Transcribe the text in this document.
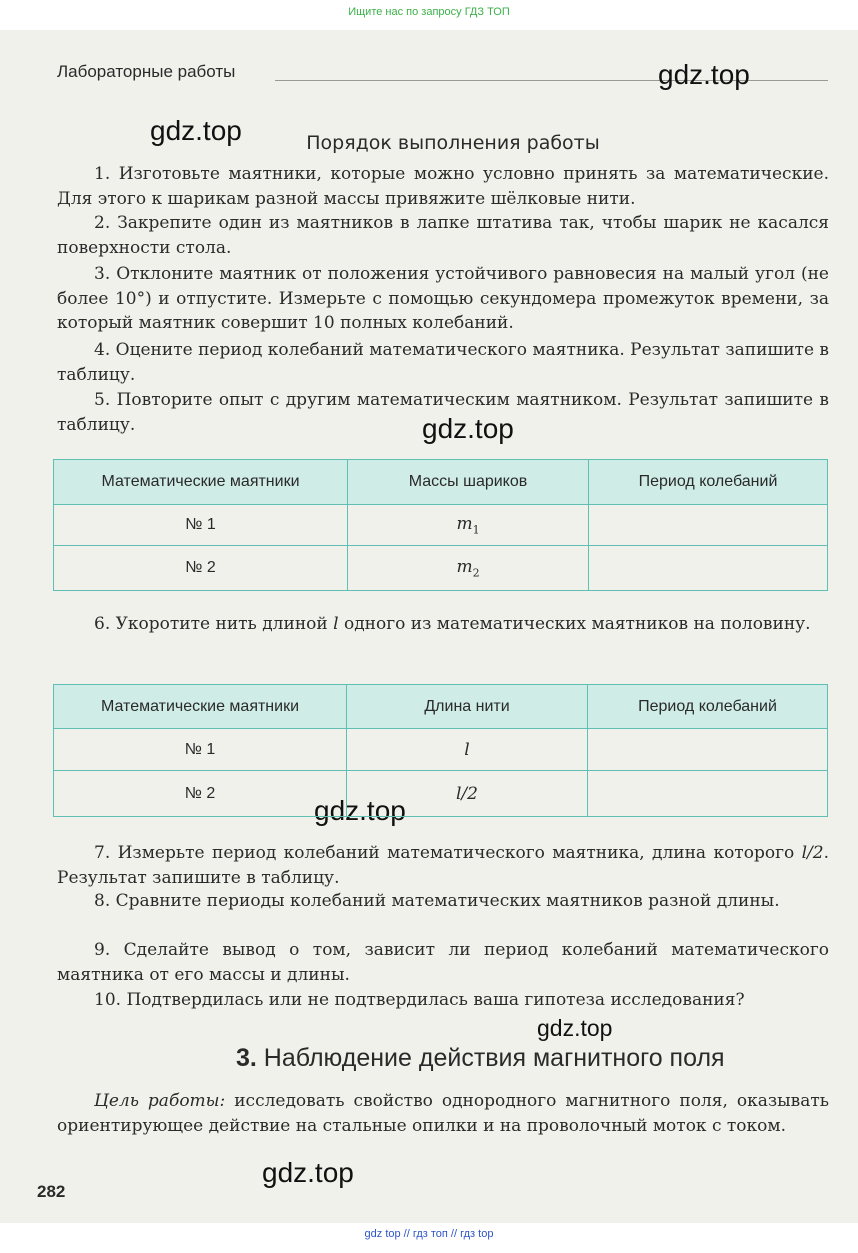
Ищите нас по запросу ГДЗ ТОП
Лабораторные работы	gdz.top
gdz.top
gdz.top
gdz.top
gdz.top
gdz.top
Порядок выполнения работы

1. Изготовьте маятники, которые можно условно принять за математические. Для этого к шарикам разной массы привяжите шёлковые нити.

2. Закрепите один из маятников в лапке штатива так, чтобы шарик не касался поверхности стола.

3. Отклоните маятник от положения устойчивого равновесия на малый угол (не более 10°) и отпустите. Измерьте с помощью секундомера промежуток времени, за который маятник совершит 10 полных колебаний.

4. Оцените период колебаний математического маятника. Результат запишите в таблицу.

5. Повторите опыт с другим математическим маятником. Результат запишите в таблицу.

Математические маятники	Массы шариков	Период колебаний
№ 1	$m_1$	
№ 2	$m_2$	

6. Укоротите нить длиной l одного из математических маятников на половину.

Математические маятники	Длина нити	Период колебаний
№ 1	l	
№ 2	l/2	

7. Измерьте период колебаний математического маятника, длина которого l/2. Результат запишите в таблицу.

8. Сравните периоды колебаний математических маятников разной длины.

9. Сделайте вывод о том, зависит ли период колебаний математического маятника от его массы и длины.

10. Подтвердилась или не подтвердилась ваша гипотеза исследования?

3. Наблюдение действия магнитного поля

Цель работы: исследовать свойство однородного магнитного поля, оказывать ориентирующее действие на стальные опилки и на проволочный моток с током.

282
gdz top // гдз топ // гдз top
